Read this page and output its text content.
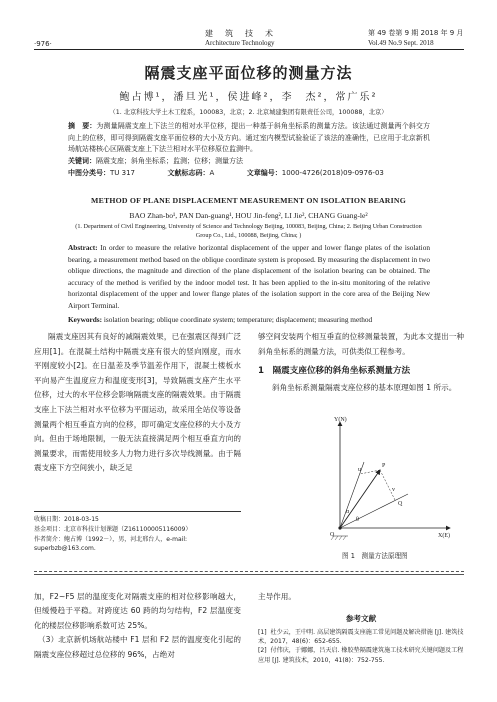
·976·
建　筑　技　术
Architecture Technology
第 49 卷第 9 期 2018 年 9 月
Vol.49 No.9 Sept. 2018
隔震支座平面位移的测量方法
鲍占博¹，潘旦光¹，侯进峰²，李　杰²，常广乐²
（1. 北京科技大学土木工程系，100083，北京；2. 北京城建集团有限责任公司，100088，北京）
摘　要：为测量隔震支座上下法兰的相对水平位移，提出一种基于斜角坐标系的测量方法。该法通过测量两个斜交方向上的位移，即可得到隔震支座平面位移的大小及方向。通过室内模型试验验证了该法的准确性，已应用于北京新机场航站楼核心区隔震支座上下法兰相对水平位移原位监测中。
关键词：隔震支座；斜角坐标系；监测；位移；测量方法
中图分类号：TU 317	文献标志码：A	文章编号：1000-4726(2018)09-0976-03
METHOD OF PLANE DISPLACEMENT MEASUREMENT ON ISOLATION BEARING
BAO Zhan-bo¹, PAN Dan-guang¹, HOU Jin-feng², LI Jie², CHANG Guang-le²
(1. Department of Civil Engineering, University of Science and Technology Beijing, 100083, Beijing, China; 2. Beijing Urban Construction
Group Co., Ltd., 100088, Beijing, China; )
Abstract: In order to measure the relative horizontal displacement of the upper and lower flange plates of the isolation bearing, a measurement method based on the oblique coordinate system is proposed. By measuring the displacement in two oblique directions, the magnitude and direction of the plane displacement of the isolation bearing can be obtained. The accuracy of the method is verified by the indoor model test. It has been applied to the in-situ monitoring of the relative horizontal displacement of the upper and lower flange plates of the isolation support in the core area of the Beijing New Airport Terminal.
Keywords: isolation bearing; oblique coordinate system; temperature; displacement; measuring method
隔震支座因其有良好的减隔震效果，已在强震区得到广泛应用[1]。在混凝土结构中隔震支座有很大的竖向刚度，而水平刚度较小[2]。在日温差及季节温差作用下，混凝土楼板水平向易产生温度应力和温度变形[3]，导致隔震支座产生水平位移，过大的水平位移会影响隔震支座的隔震效果。由于隔震支座上下法兰相对水平位移为平面运动，故采用全站仪等设备测量两个相互垂直方向的位移，即可确定支座位移的大小及方向。但由于场地限制，一般无法直接满足两个相互垂直方向的测量要求，而需使用较多人力物力进行多次导线测量。由于隔震支座下方空间狭小，缺乏足
收稿日期：2018-03-15
基金项目：北京市科技计划课题（Z161100005116009）
作者简介：鲍占博（1992－），男，河北邢台人，e-mail: superbzb@163.com.
够空间安装两个相互垂直的位移测量装置，为此本文提出一种斜角坐标系的测量方法，可供类似工程参考。
1　隔震支座位移的斜角坐标系测量方法
斜角坐标系测量隔震支座位移的基本原理如图 1 所示。
Y(N)
X(E)
O
P
Q
u
v
α
θ
图 1　测量方法原理图
加，F2~F5 层的温度变化对隔震支座的相对位移影响越大，但缓慢趋于平稳。对跨度达 60 跨的均匀结构，F2 层温度变化的楼层位移影响系数可达 25%。
　（3）北京新机场航站楼中 F1 层和 F2 层的温度变化引起的隔震支座位移超过总位移的 96%，占绝对
主导作用。
参考文献
[1]  杜少云，王中明. 高层建筑隔震支座施工常见问题及解决措施 [J]. 建筑技术，2017，48(6)：652-655.
[2]  付伟庆，于娜娜，吕天启. 橡胶垫隔震建筑施工技术研究关键问题及工程应用 [J]. 建筑技术，2010，41(8)：752-755.
